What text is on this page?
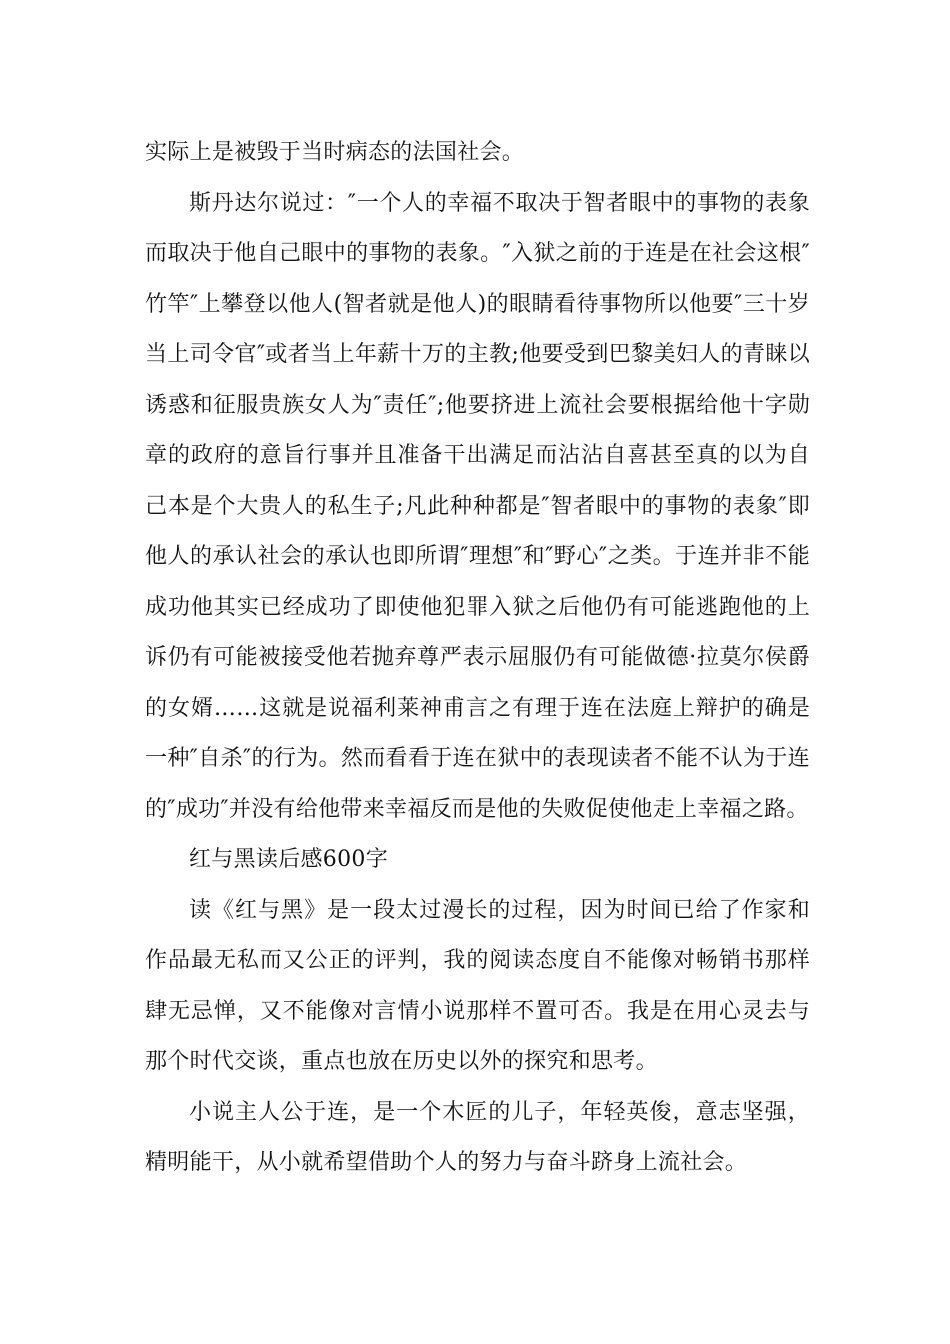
实际上是被毁于当时病态的法国社会。

斯丹达尔说过：″一个人的幸福不取决于智者眼中的事物的表象而取决于他自己眼中的事物的表象。″入狱之前的于连是在社会这根″竹竿″上攀登以他人(智者就是他人)的眼睛看待事物所以他要″三十岁当上司令官″或者当上年薪十万的主教;他要受到巴黎美妇人的青睐以诱惑和征服贵族女人为″责任″;他要挤进上流社会要根据给他十字勋章的政府的意旨行事并且准备干出满足而沾沾自喜甚至真的以为自己本是个大贵人的私生子;凡此种种都是″智者眼中的事物的表象″即他人的承认社会的承认也即所谓″理想″和″野心″之类。于连并非不能成功他其实已经成功了即使他犯罪入狱之后他仍有可能逃跑他的上诉仍有可能被接受他若抛弃尊严表示屈服仍有可能做德·拉莫尔侯爵的女婿……这就是说福利莱神甫言之有理于连在法庭上辩护的确是一种″自杀″的行为。然而看看于连在狱中的表现读者不能不认为于连的″成功″并没有给他带来幸福反而是他的失败促使他走上幸福之路。

红与黑读后感600字

读《红与黑》是一段太过漫长的过程，因为时间已给了作家和作品最无私而又公正的评判，我的阅读态度自不能像对畅销书那样肆无忌惮，又不能像对言情小说那样不置可否。我是在用心灵去与那个时代交谈，重点也放在历史以外的探究和思考。

小说主人公于连，是一个木匠的儿子，年轻英俊，意志坚强，精明能干，从小就希望借助个人的努力与奋斗跻身上流社会。
